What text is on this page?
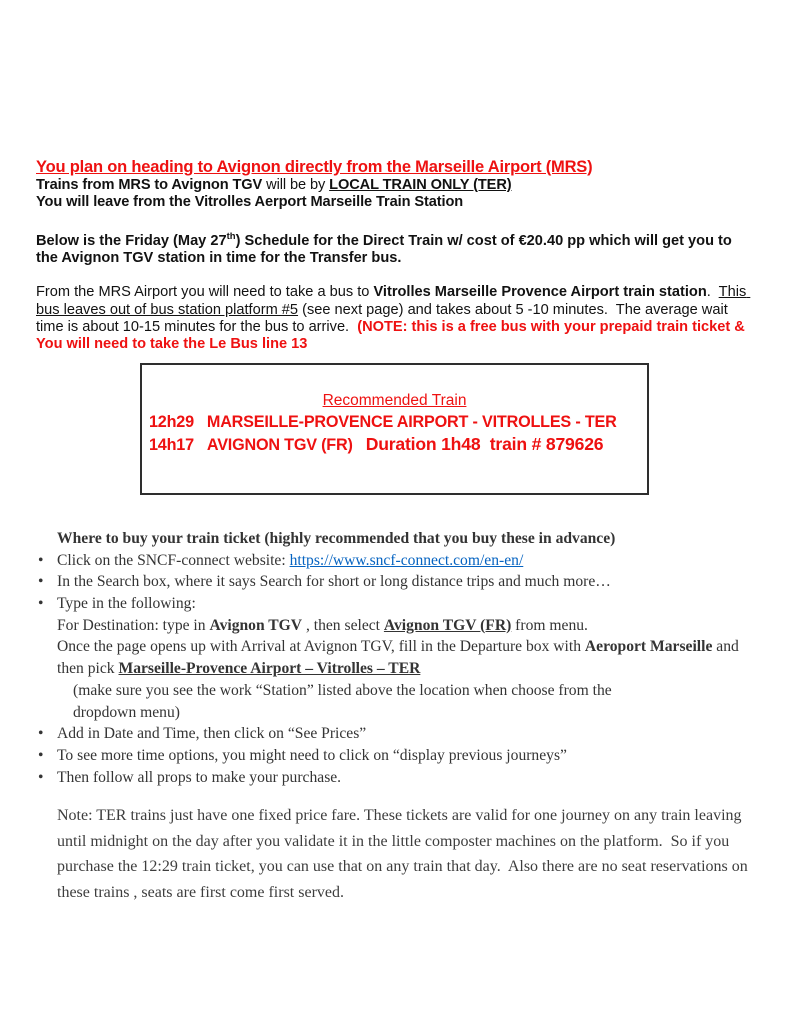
You plan on heading to Avignon directly from the Marseille Airport (MRS)
Trains from MRS to Avignon TGV will be by LOCAL TRAIN ONLY (TER)
You will leave from the Vitrolles Aerport Marseille Train Station

Below is the Friday (May 27th) Schedule for the Direct Train w/ cost of €20.40 pp which will get you to the Avignon TGV station in time for the Transfer bus.

From the MRS Airport you will need to take a bus to Vitrolles Marseille Provence Airport train station.  This bus leaves out of bus station platform #5 (see next page) and takes about 5 -10 minutes.  The average wait time is about 10-15 minutes for the bus to arrive.  (NOTE: this is a free bus with your prepaid train ticket & You will need to take the Le Bus line 13

Recommended Train
12h29 MARSEILLE-PROVENCE AIRPORT - VITROLLES - TER
14h17 AVIGNON TGV (FR) Duration 1h48  train # 879626
Where to buy your train ticket (highly recommended that you buy these in advance)
• Click on the SNCF-connect website: https://www.sncf-connect.com/en-en/
• In the Search box, where it says Search for short or long distance trips and much more…
• Type in the following:
For Destination: type in Avignon TGV , then select Avignon TGV (FR) from menu.
Once the page opens up with Arrival at Avignon TGV, fill in the Departure box with Aeroport Marseille and then pick Marseille-Provence Airport – Vitrolles – TER
(make sure you see the work “Station” listed above the location when choose from the
dropdown menu)
• Add in Date and Time, then click on “See Prices”
• To see more time options, you might need to click on “display previous journeys”
• Then follow all props to make your purchase.

Note: TER trains just have one fixed price fare. These tickets are valid for one journey on any train leaving until midnight on the day after you validate it in the little composter machines on the platform.  So if you purchase the 12:29 train ticket, you can use that on any train that day.  Also there are no seat reservations on these trains , seats are first come first served.
